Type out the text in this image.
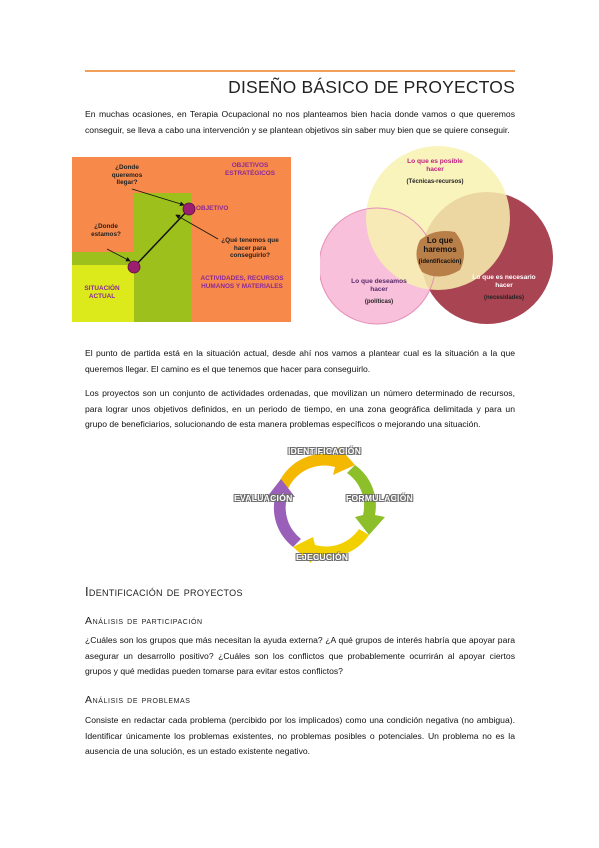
DISEÑO BÁSICO DE PROYECTOS
En muchas ocasiones, en Terapia Ocupacional no nos planteamos bien hacia donde vamos o que queremos conseguir, se lleva a cabo una intervención y se plantean objetivos sin saber muy bien que se quiere conseguir.
¿Donde queremos llegar?
OBJETIVOS ESTRATÉGICOS
OBJETIVO
¿Donde estamos?
¿Qué tenemos que hacer para conseguirlo?
SITUACIÓN ACTUAL
ACTIVIDADES, RECURSOS HUMANOS Y MATERIALES
Lo que es posible hacer
(Técnicas-recursos)
Lo que haremos
(identificación)
Lo que deseamos hacer
(políticas)
Lo que es necesario hacer
(necesidades)
El punto de partida está en la situación actual, desde ahí nos vamos a plantear cual es la situación a la que queremos llegar. El camino es el que tenemos que hacer para conseguirlo.
Los proyectos son un conjunto de actividades ordenadas, que movilizan un número determinado de recursos, para lograr unos objetivos definidos, en un periodo de tiempo, en una zona geográfica delimitada y para un grupo de beneficiarios, solucionando de esta manera problemas específicos o mejorando una situación.
IDENTIFICACIÓN
FORMULACIÓN
EJECUCIÓN
EVALUACIÓN
Identificación de proyectos
Análisis de participación
¿Cuáles son los grupos que más necesitan la ayuda externa? ¿A qué grupos de interés habría que apoyar para asegurar un desarrollo positivo? ¿Cuáles son los conflictos que probablemente ocurrirán al apoyar ciertos grupos y qué medidas pueden tomarse para evitar estos conflictos?
Análisis de problemas
Consiste en redactar cada problema (percibido por los implicados) como una condición negativa (no ambigua). Identificar únicamente los problemas existentes, no problemas posibles o potenciales. Un problema no es la ausencia de una solución, es un estado existente negativo.
